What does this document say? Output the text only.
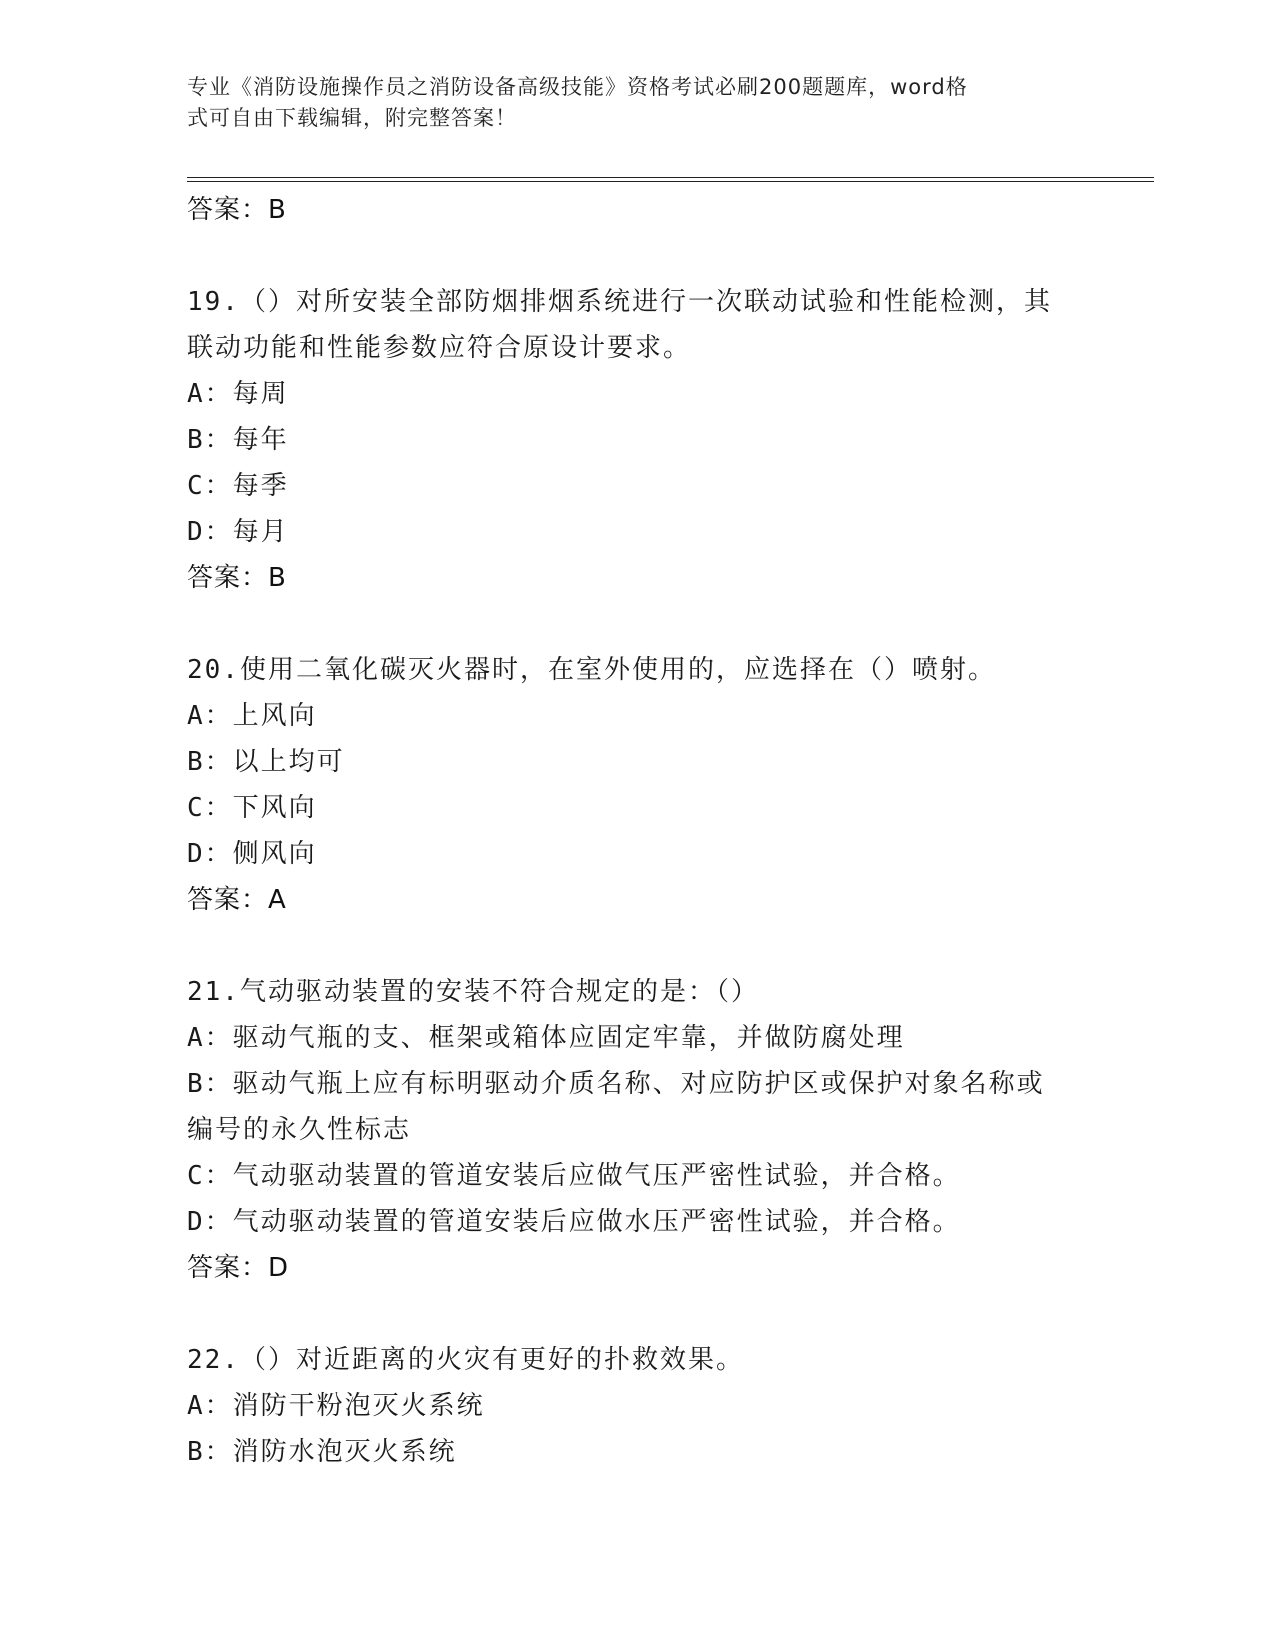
专业《消防设施操作员之消防设备高级技能》资格考试必刷200题题库，word格
式可自由下载编辑，附完整答案！
答案：B
19.（）对所安装全部防烟排烟系统进行一次联动试验和性能检测，其
联动功能和性能参数应符合原设计要求。
A：每周
B：每年
C：每季
D：每月
答案：B
20.使用二氧化碳灭火器时，在室外使用的，应选择在（）喷射。
A：上风向
B：以上均可
C：下风向
D：侧风向
答案：A
21.气动驱动装置的安装不符合规定的是：（）
A：驱动气瓶的支、框架或箱体应固定牢靠，并做防腐处理
B：驱动气瓶上应有标明驱动介质名称、对应防护区或保护对象名称或
编号的永久性标志
C：气动驱动装置的管道安装后应做气压严密性试验，并合格。
D：气动驱动装置的管道安装后应做水压严密性试验，并合格。
答案：D
22.（）对近距离的火灾有更好的扑救效果。
A：消防干粉泡灭火系统
B：消防水泡灭火系统
